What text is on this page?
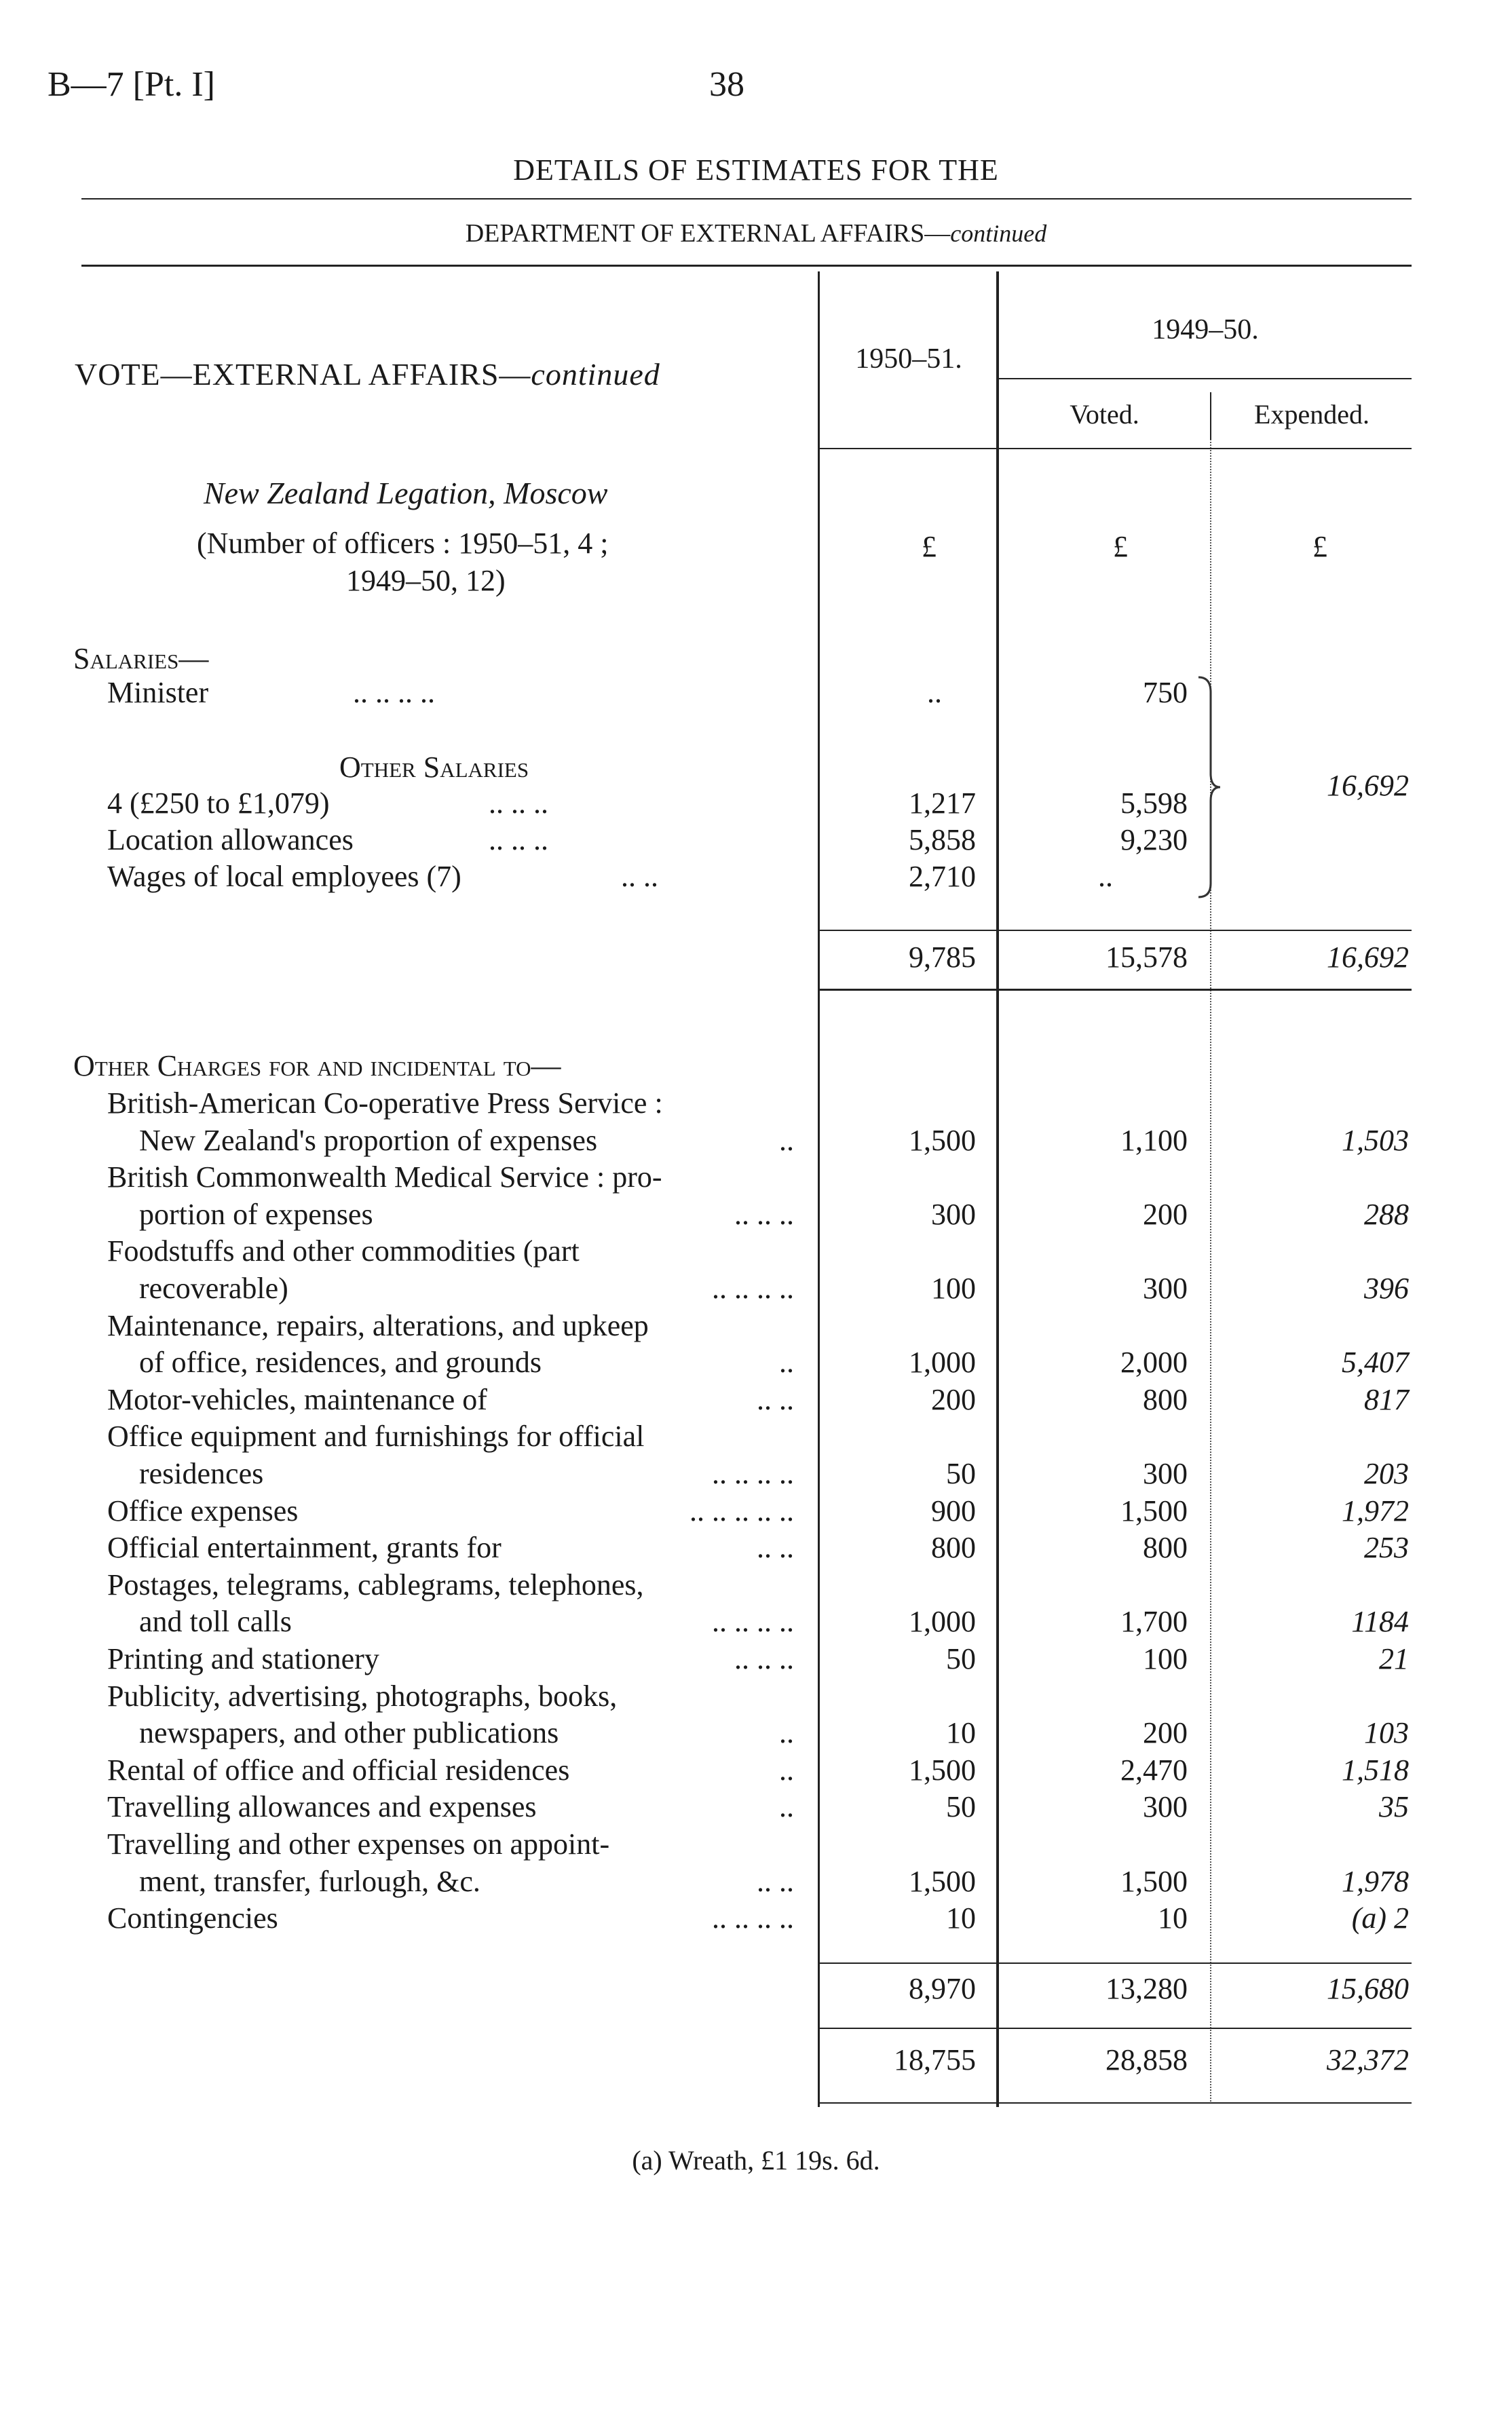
B—7 [Pt. I]	38
DETAILS OF ESTIMATES FOR THE
DEPARTMENT OF EXTERNAL AFFAIRS—continued
1950–51.
1949–50.
Voted.	Expended.
VOTE—EXTERNAL AFFAIRS—continued
New Zealand Legation, Moscow
(Number of officers : 1950–51, 4 ;
1949–50, 12)
£	£	£
Salaries—
Minister	.. .. .. ..	..	750
Other Salaries
4 (£250 to £1,079)	.. .. ..	1,217	5,598
Location allowances	.. .. ..	5,858	9,230
Wages of local employees (7)	.. ..	2,710	..
16,692
9,785	15,578	16,692
Other Charges for and incidental to—
British-American Co-operative Press Service :
New Zealand's proportion of expenses	..	1,500	1,100	1,503
British Commonwealth Medical Service : pro-
portion of expenses	.. .. ..	300	200	288
Foodstuffs and other commodities (part
recoverable)	.. .. .. ..	100	300	396
Maintenance, repairs, alterations, and upkeep
of office, residences, and grounds	..	1,000	2,000	5,407
Motor-vehicles, maintenance of	.. ..	200	800	817
Office equipment and furnishings for official
residences	.. .. .. ..	50	300	203
Office expenses	.. .. .. .. ..	900	1,500	1,972
Official entertainment, grants for	.. ..	800	800	253
Postages, telegrams, cablegrams, telephones,
and toll calls	.. .. .. ..	1,000	1,700	1184
Printing and stationery	.. .. ..	50	100	21
Publicity, advertising, photographs, books,
newspapers, and other publications	..	10	200	103
Rental of office and official residences	..	1,500	2,470	1,518
Travelling allowances and expenses	..	50	300	35
Travelling and other expenses on appoint-
ment, transfer, furlough, &c.	.. ..	1,500	1,500	1,978
Contingencies	.. .. .. ..	10	10	(a) 2
8,970	13,280	15,680
18,755	28,858	32,372
(a) Wreath, £1 19s. 6d.
